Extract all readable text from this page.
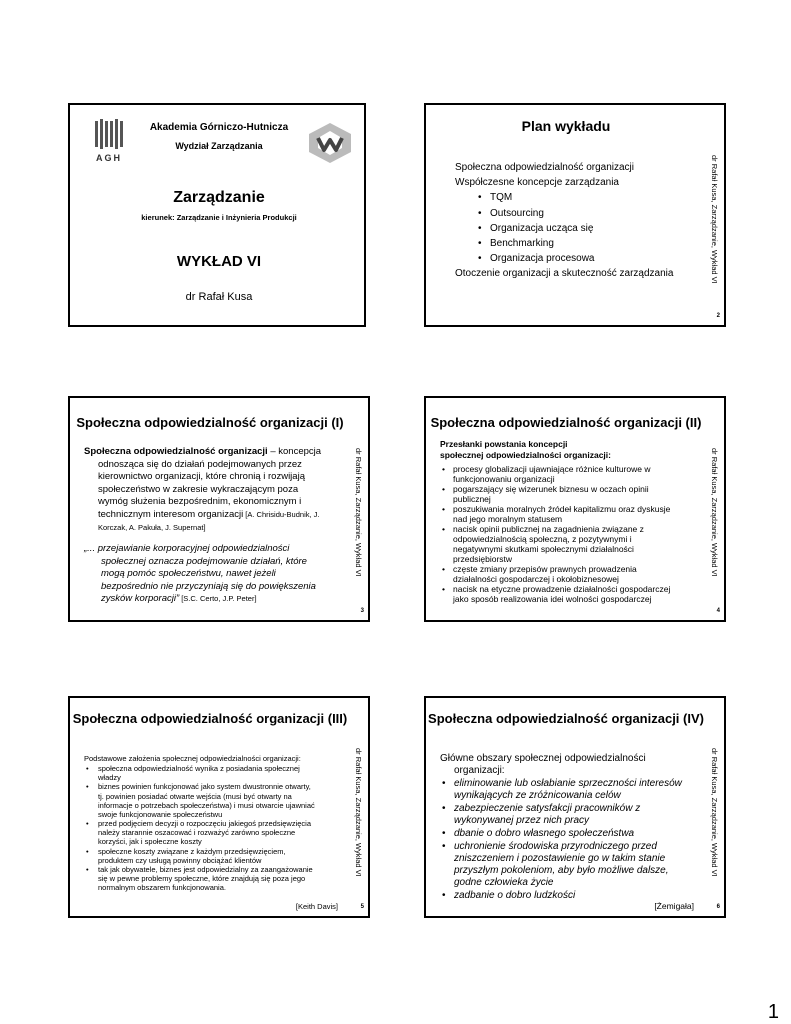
AGH
Akademia Górniczo-Hutnicza
Wydział Zarządzania
Zarządzanie
kierunek: Zarządzanie i Inżynieria Produkcji
WYKŁAD VI
dr Rafał Kusa
Plan wykładu
dr Rafał Kusa, Zarządzanie, Wykład VI
2
Społeczna odpowiedzialność organizacji
Współczesne koncepcje zarządzania
• TQM
• Outsourcing
• Organizacja ucząca się
• Benchmarking
• Organizacja procesowa
Otoczenie organizacji a skuteczność zarządzania
Społeczna odpowiedzialność organizacji (I)
dr Rafał Kusa, Zarządzanie, Wykład VI
3
Społeczna odpowiedzialność organizacji – koncepcja
odnosząca się do działań podejmowanych przez
kierownictwo organizacji, które chronią i rozwijają
społeczeństwo w zakresie wykraczającym poza
wymóg służenia bezpośrednim, ekonomicznym i
technicznym interesom organizacji [A. Chrisidu-Budnik, J.
Korczak, A. Pakuła, J. Supernat]
„... przejawianie korporacyjnej odpowiedzialności
społecznej oznacza podejmowanie działań, które
mogą pomóc społeczeństwu, nawet jeżeli
bezpośrednio nie przyczyniają się do powiększenia
zysków korporacji” [S.C. Certo, J.P. Peter]
Społeczna odpowiedzialność organizacji (II)
dr Rafał Kusa, Zarządzanie, Wykład VI
4
Przesłanki powstania koncepcji
społecznej odpowiedzialności organizacji:
• procesy globalizacji ujawniające różnice kulturowe w
funkcjonowaniu organizacji
• pogarszający się wizerunek biznesu w oczach opinii
publicznej
• poszukiwania moralnych źródeł kapitalizmu oraz dyskusje
nad jego moralnym statusem
• nacisk opinii publicznej na zagadnienia związane z
odpowiedzialnością społeczną, z pozytywnymi i
negatywnymi skutkami społecznymi działalności
przedsiębiorstw
• częste zmiany przepisów prawnych prowadzenia
działalności gospodarczej i okołobiznesowej
• nacisk na etyczne prowadzenie działalności gospodarczej
jako sposób realizowania idei wolności gospodarczej
Społeczna odpowiedzialność organizacji (III)
dr Rafał Kusa, Zarządzanie, Wykład VI
5
Podstawowe założenia społecznej odpowiedzialności organizacji:
• społeczna odpowiedzialność wynika z posiadania społecznej
władzy
• biznes powinien funkcjonować jako system dwustronnie otwarty,
tj. powinien posiadać otwarte wejścia (musi być otwarty na
informacje o potrzebach społeczeństwa) i musi otwarcie ujawniać
swoje funkcjonowanie społeczeństwu
• przed podjęciem decyzji o rozpoczęciu jakiegoś przedsięwzięcia
należy starannie oszacować i rozważyć zarówno społeczne
korzyści, jak i społeczne koszty
• społeczne koszty związane z każdym przedsięwzięciem,
produktem czy usługą powinny obciążać klientów
• tak jak obywatele, biznes jest odpowiedzialny za zaangażowanie
się w pewne problemy społeczne, które znajdują się poza jego
normalnym obszarem funkcjonowania.
[Keith Davis]
Społeczna odpowiedzialność organizacji (IV)
dr Rafał Kusa, Zarządzanie, Wykład VI
6
Główne obszary społecznej odpowiedzialności
organizacji:
• eliminowanie lub osłabianie sprzeczności interesów
wynikających ze zróżnicowania celów
• zabezpieczenie satysfakcji pracowników z
wykonywanej przez nich pracy
• dbanie o dobro własnego społeczeństwa
• uchronienie środowiska przyrodniczego przed
zniszczeniem i pozostawienie go w takim stanie
przyszłym pokoleniom, aby było możliwe dalsze,
godne człowieka życie
• zadbanie o dobro ludzkości
[Żemigała]
1
